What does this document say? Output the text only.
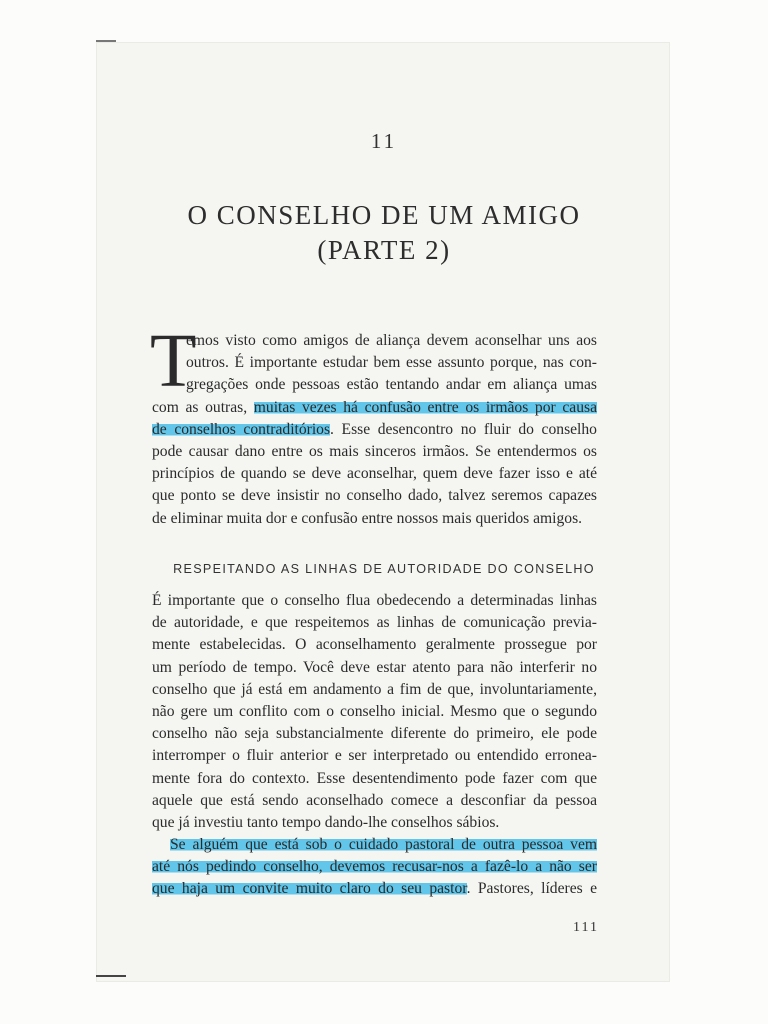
11
O CONSELHO DE UM AMIGO
(PARTE 2)
T
emos visto como amigos de aliança devem aconselhar uns aos
outros. É importante estudar bem esse assunto porque, nas con-
gregações onde pessoas estão tentando andar em aliança umas
com as outras, muitas vezes há confusão entre os irmãos por causa
de conselhos contraditórios. Esse desencontro no fluir do conselho
pode causar dano entre os mais sinceros irmãos. Se entendermos os
princípios de quando se deve aconselhar, quem deve fazer isso e até
que ponto se deve insistir no conselho dado, talvez seremos capazes
de eliminar muita dor e confusão entre nossos mais queridos amigos.
RESPEITANDO AS LINHAS DE AUTORIDADE DO CONSELHO
É importante que o conselho flua obedecendo a determinadas linhas
de autoridade, e que respeitemos as linhas de comunicação previa-
mente estabelecidas. O aconselhamento geralmente prossegue por
um período de tempo. Você deve estar atento para não interferir no
conselho que já está em andamento a fim de que, involuntariamente,
não gere um conflito com o conselho inicial. Mesmo que o segundo
conselho não seja substancialmente diferente do primeiro, ele pode
interromper o fluir anterior e ser interpretado ou entendido erronea-
mente fora do contexto. Esse desentendimento pode fazer com que
aquele que está sendo aconselhado comece a desconfiar da pessoa
que já investiu tanto tempo dando-lhe conselhos sábios.
Se alguém que está sob o cuidado pastoral de outra pessoa vem
até nós pedindo conselho, devemos recusar-nos a fazê-lo a não ser
que haja um convite muito claro do seu pastor. Pastores, líderes e
111
